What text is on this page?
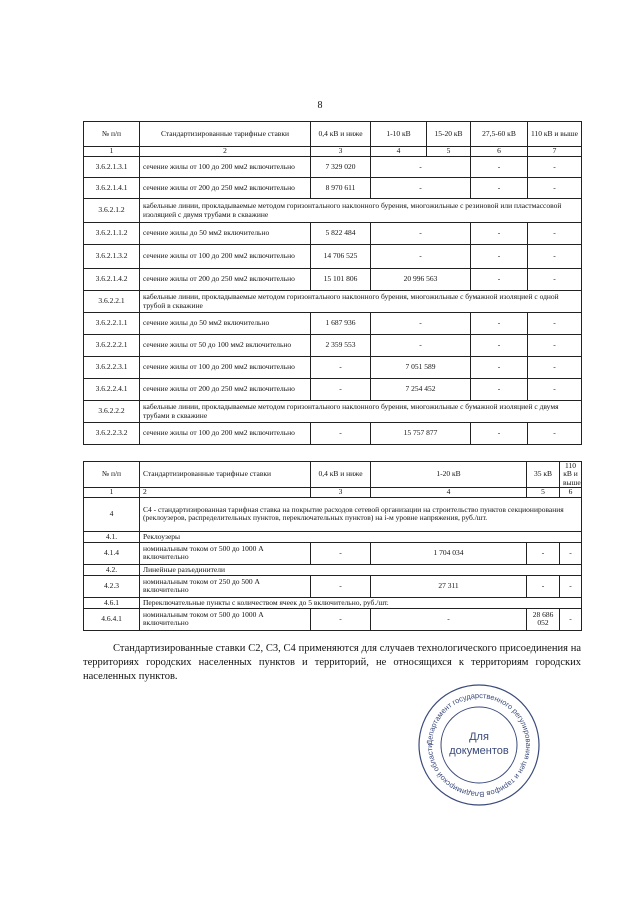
8
№ п/п	Стандартизированные тарифные ставки	0,4 кВ и ниже	1-10 кВ	15-20 кВ	27,5-60 кВ	110 кВ и выше
1	2	3	4	5	6	7
3.6.2.1.3.1	сечение жилы от 100 до 200 мм2 включительно	7 329 020	-		-	-
3.6.2.1.4.1	сечение жилы от 200 до 250 мм2 включительно	8 970 611	-		-	-
3.6.2.1.2	кабельные линии, прокладываемые методом горизонтального наклонного бурения, многожильные с резиновой или пластмассовой изоляцией с двумя трубами в скважине					
3.6.2.1.1.2	сечение жилы до 50 мм2 включительно	5 822 484	-		-	-
3.6.2.1.3.2	сечение жилы от 100 до 200 мм2 включительно	14 706 525	-		-	-
3.6.2.1.4.2	сечение жилы от 200 до 250 мм2 включительно	15 101 806	20 996 563		-	-
3.6.2.2.1	кабельные линии, прокладываемые методом горизонтального наклонного бурения, многожильные с бумажной изоляцией с одной трубой в скважине					
3.6.2.2.1.1	сечение жилы до 50 мм2 включительно	1 687 936	-		-	-
3.6.2.2.2.1	сечение жилы от 50 до 100 мм2 включительно	2 359 553	-		-	-
3.6.2.2.3.1	сечение жилы от 100 до 200 мм2 включительно	-	7 051 589		-	-
3.6.2.2.4.1	сечение жилы от 200 до 250 мм2 включительно	-	7 254 452		-	-
3.6.2.2.2	кабельные линии, прокладываемые методом горизонтального наклонного бурения, многожильные с бумажной изоляцией с двумя трубами в скважине					
3.6.2.2.3.2	сечение жилы от 100 до 200 мм2 включительно	-	15 757 877		-	-
№ п/п	Стандартизированные тарифные ставки	0,4 кВ и ниже	1-20 кВ	35 кВ	110 кВ и выше
1	2	3	4	5	6
4	С4 - стандартизированная тарифная ставка на покрытие расходов сетевой организации на строительство пунктов секционирования (реклоузеров, распределительных пунктов, переключательных пунктов) на i-м уровне напряжения, руб./шт.				
4.1.	Реклоузеры				
4.1.4	номинальным током от 500 до 1000 А включительно	-	1 704 034	-	-
4.2.	Линейные разъединители				
4.2.3	номинальным током от 250 до 500 А включительно	-	27 311	-	-
4.6.1	Переключательные пункты с количеством ячеек до 5 включительно, руб./шт.				
4.6.4.1	номинальным током от 500 до 1000 А включительно	-	-	28 686 052	-
Стандартизированные ставки С2, С3, С4 применяются для случаев технологического присоединения на территориях городских населенных пунктов и территорий, не относящихся к территориям городских населенных пунктов.
Департамент государственного регулирования цен и тарифов Владимирской области
Для
документов
